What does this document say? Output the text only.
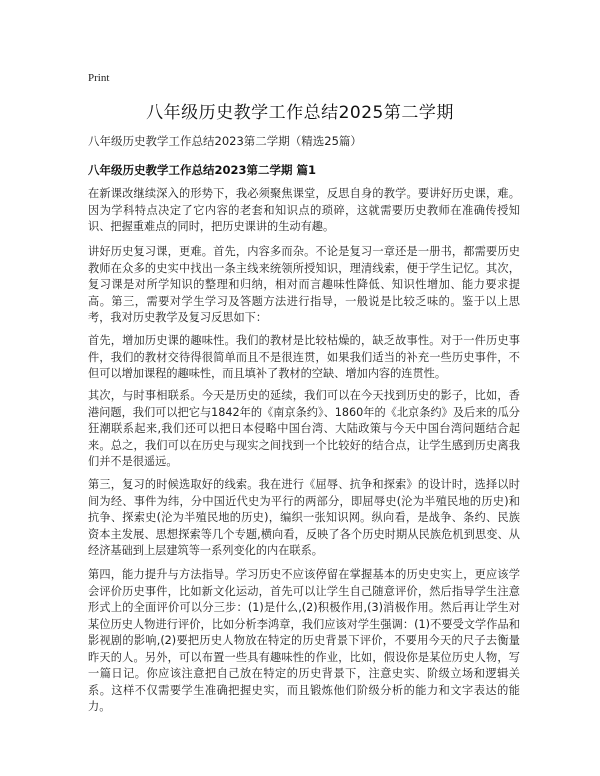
Print
八年级历史教学工作总结2025第二学期
八年级历史教学工作总结2023第二学期（精选25篇）
八年级历史教学工作总结2023第二学期 篇1

在新课改继续深入的形势下，我必须聚焦课堂，反思自身的教学。要讲好历史课，难。因为学科特点决定了它内容的老套和知识点的琐碎，这就需要历史教师在准确传授知识、把握重难点的同时，把历史课讲的生动有趣。

讲好历史复习课，更难。首先，内容多而杂。不论是复习一章还是一册书，都需要历史教师在众多的史实中找出一条主线来统领所授知识，理清线索，便于学生记忆。其次，复习课是对所学知识的整理和归纳，相对而言趣味性降低、知识性增加、能力要求提高。第三，需要对学生学习及答题方法进行指导，一般说是比较乏味的。鉴于以上思考，我对历史教学及复习反思如下：

首先，增加历史课的趣味性。我们的教材是比较枯燥的，缺乏故事性。对于一件历史事件，我们的教材交待得很简单而且不是很连贯，如果我们适当的补充一些历史事件，不但可以增加课程的趣味性，而且填补了教材的空缺、增加内容的连贯性。

其次，与时事相联系。今天是历史的延续，我们可以在今天找到历史的影子，比如，香港问题，我们可以把它与1842年的《南京条约》、1860年的《北京条约》及后来的瓜分狂潮联系起来,我们还可以把日本侵略中国台湾、大陆政策与今天中国台湾问题结合起来。总之，我们可以在历史与现实之间找到一个比较好的结合点，让学生感到历史离我们并不是很遥远。

第三，复习的时候选取好的线索。我在进行《屈辱、抗争和探索》的设计时，选择以时间为经、事件为纬，分中国近代史为平行的两部分，即屈辱史(沦为半殖民地的历史)和抗争、探索史(沦为半殖民地的历史)，编织一张知识网。纵向看，是战争、条约、民族资本主发展、思想探索等几个专题,横向看，反映了各个历史时期从民族危机到思变、从经济基础到上层建筑等一系列变化的内在联系。

第四，能力提升与方法指导。学习历史不应该停留在掌握基本的历史史实上，更应该学会评价历史事件，比如新文化运动，首先可以让学生自己随意评价，然后指导学生注意形式上的全面评价可以分三步：(1)是什么,(2)积极作用,(3)消极作用。然后再让学生对某位历史人物进行评价，比如分析李鸿章，我们应该对学生强调：(1)不要受文学作品和影视剧的影响,(2)要把历史人物放在特定的历史背景下评价，不要用今天的尺子去衡量昨天的人。另外，可以布置一些具有趣味性的作业，比如，假设你是某位历史人物，写一篇日记。你应该注意把自己放在特定的历史背景下，注意史实、阶级立场和逻辑关系。这样不仅需要学生准确把握史实，而且锻炼他们阶级分析的能力和文字表达的能力。
